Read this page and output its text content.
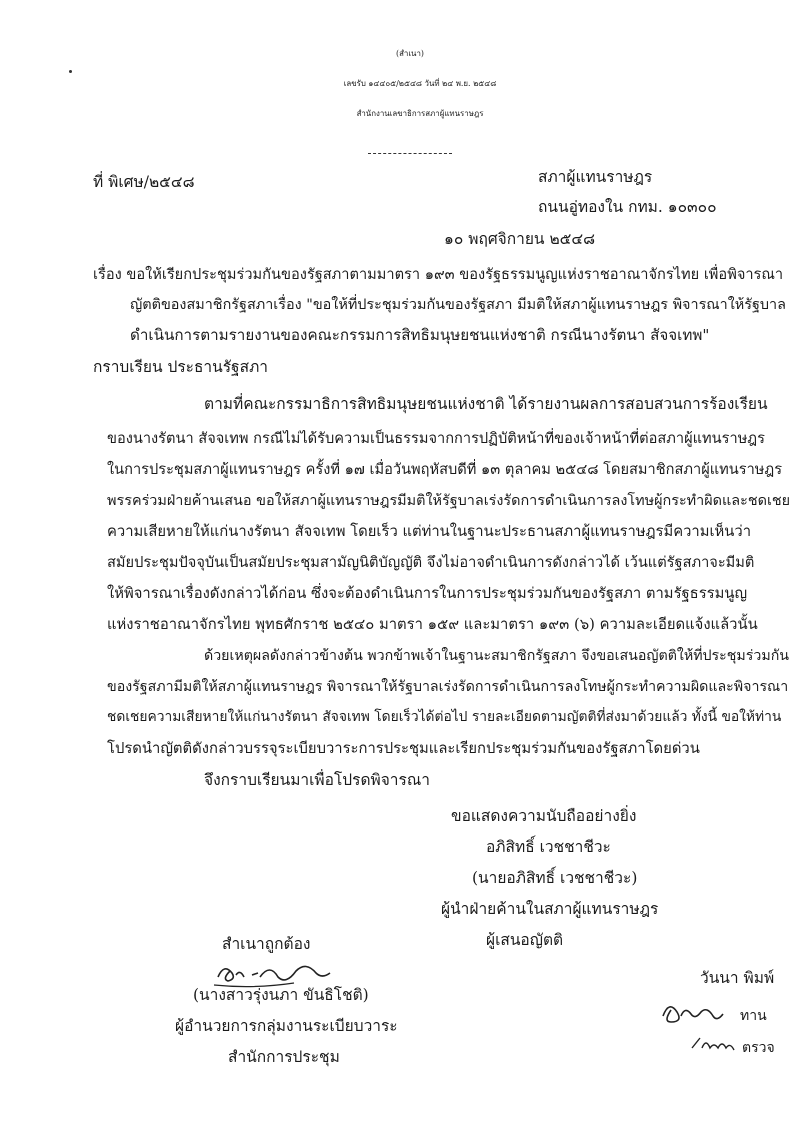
(สำเนา)
เลขรับ ๑๔๔๐๕/๒๕๔๘ วันที่ ๒๔ พ.ย. ๒๕๔๘
สำนักงานเลขาธิการสภาผู้แทนราษฎร
ที่ พิเศษ/๒๕๔๘	สภาผู้แทนราษฎร
ถนนอู่ทองใน กทม. ๑๐๓๐๐
๑๐ พฤศจิกายน ๒๕๔๘
เรื่อง ขอให้เรียกประชุมร่วมกันของรัฐสภาตามมาตรา ๑๙๓ ของรัฐธรรมนูญแห่งราชอาณาจักรไทย เพื่อพิจารณา
ญัตติของสมาชิกรัฐสภาเรื่อง "ขอให้ที่ประชุมร่วมกันของรัฐสภา มีมติให้สภาผู้แทนราษฎร พิจารณาให้รัฐบาล
ดำเนินการตามรายงานของคณะกรรมการสิทธิมนุษยชนแห่งชาติ กรณีนางรัตนา สัจจเทพ"
กราบเรียน ประธานรัฐสภา
ตามที่คณะกรรมาธิการสิทธิมนุษยชนแห่งชาติ ได้รายงานผลการสอบสวนการร้องเรียน
ของนางรัตนา สัจจเทพ กรณีไม่ได้รับความเป็นธรรมจากการปฏิบัติหน้าที่ของเจ้าหน้าที่ต่อสภาผู้แทนราษฎร
ในการประชุมสภาผู้แทนราษฎร ครั้งที่ ๑๗ เมื่อวันพฤหัสบดีที่ ๑๓ ตุลาคม ๒๕๔๘ โดยสมาชิกสภาผู้แทนราษฎร
พรรคร่วมฝ่ายค้านเสนอ ขอให้สภาผู้แทนราษฎรมีมติให้รัฐบาลเร่งรัดการดำเนินการลงโทษผู้กระทำผิดและชดเชย
ความเสียหายให้แก่นางรัตนา สัจจเทพ โดยเร็ว แต่ท่านในฐานะประธานสภาผู้แทนราษฎรมีความเห็นว่า
สมัยประชุมปัจจุบันเป็นสมัยประชุมสามัญนิติบัญญัติ จึงไม่อาจดำเนินการดังกล่าวได้ เว้นแต่รัฐสภาจะมีมติ
ให้พิจารณาเรื่องดังกล่าวได้ก่อน ซึ่งจะต้องดำเนินการในการประชุมร่วมกันของรัฐสภา ตามรัฐธรรมนูญ
แห่งราชอาณาจักรไทย พุทธศักราช ๒๕๔๐ มาตรา ๑๕๙ และมาตรา ๑๙๓ (๖) ความละเอียดแจ้งแล้วนั้น
ด้วยเหตุผลดังกล่าวข้างต้น พวกข้าพเจ้าในฐานะสมาชิกรัฐสภา จึงขอเสนอญัตติให้ที่ประชุมร่วมกัน
ของรัฐสภามีมติให้สภาผู้แทนราษฎร พิจารณาให้รัฐบาลเร่งรัดการดำเนินการลงโทษผู้กระทำความผิดและพิจารณา
ชดเชยความเสียหายให้แก่นางรัตนา สัจจเทพ โดยเร็วได้ต่อไป รายละเอียดตามญัตติที่ส่งมาด้วยแล้ว ทั้งนี้ ขอให้ท่าน
โปรดนำญัตติดังกล่าวบรรจุระเบียบวาระการประชุมและเรียกประชุมร่วมกันของรัฐสภาโดยด่วน
จึงกราบเรียนมาเพื่อโปรดพิจารณา
ขอแสดงความนับถืออย่างยิ่ง
อภิสิทธิ์ เวชชาชีวะ
(นายอภิสิทธิ์ เวชชาชีวะ)
ผู้นำฝ่ายค้านในสภาผู้แทนราษฎร
ผู้เสนอญัตติ
สำเนาถูกต้อง
(นางสาวรุ่งนภา ขันธิโชติ)
ผู้อำนวยการกลุ่มงานระเบียบวาระ
สำนักการประชุม
วันนา พิมพ์
ทาน
ตรวจ
